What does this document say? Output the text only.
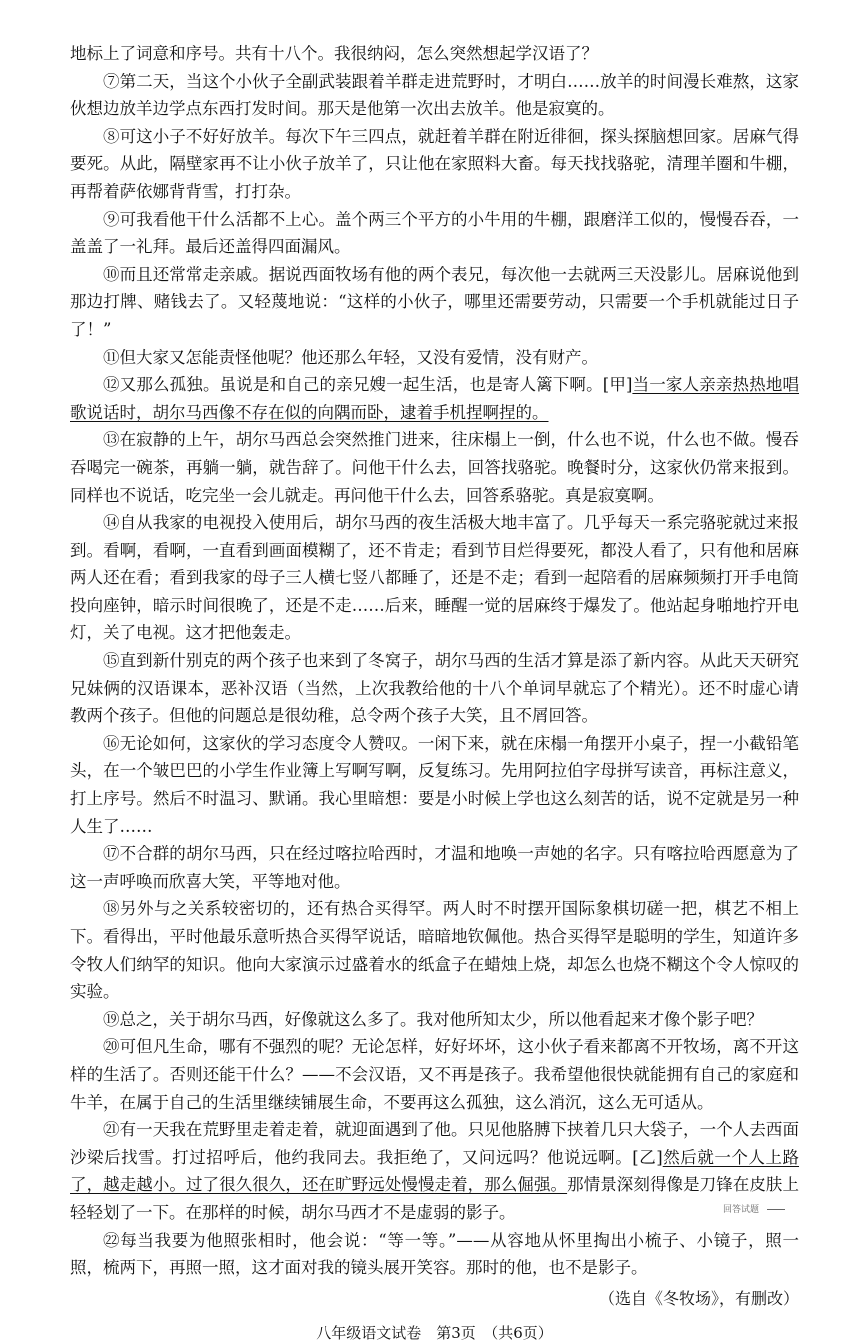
地标上了词意和序号。共有十八个。我很纳闷，怎么突然想起学汉语了？

⑦第二天，当这个小伙子全副武装跟着羊群走进荒野时，才明白……放羊的时间漫长难熬，这家伙想边放羊边学点东西打发时间。那天是他第一次出去放羊。他是寂寞的。

⑧可这小子不好好放羊。每次下午三四点，就赶着羊群在附近徘徊，探头探脑想回家。居麻气得要死。从此，隔壁家再不让小伙子放羊了，只让他在家照料大畜。每天找找骆驼，清理羊圈和牛棚，再帮着萨依娜背背雪，打打杂。

⑨可我看他干什么活都不上心。盖个两三个平方的小牛用的牛棚，跟磨洋工似的，慢慢吞吞，一盖盖了一礼拜。最后还盖得四面漏风。

⑩而且还常常走亲戚。据说西面牧场有他的两个表兄，每次他一去就两三天没影儿。居麻说他到那边打牌、赌钱去了。又轻蔑地说：“这样的小伙子，哪里还需要劳动，只需要一个手机就能过日子了！”

⑪但大家又怎能责怪他呢？他还那么年轻，又没有爱情，没有财产。

⑫又那么孤独。虽说是和自己的亲兄嫂一起生活，也是寄人篱下啊。[甲]当一家人亲亲热热地唱歌说话时，胡尔马西像不存在似的向隅而卧，逮着手机捏啊捏的。

⑬在寂静的上午，胡尔马西总会突然推门进来，往床榻上一倒，什么也不说，什么也不做。慢吞吞喝完一碗茶，再躺一躺，就告辞了。问他干什么去，回答找骆驼。晚餐时分，这家伙仍常来报到。同样也不说话，吃完坐一会儿就走。再问他干什么去，回答系骆驼。真是寂寞啊。

⑭自从我家的电视投入使用后，胡尔马西的夜生活极大地丰富了。几乎每天一系完骆驼就过来报到。看啊，看啊，一直看到画面模糊了，还不肯走；看到节目烂得要死，都没人看了，只有他和居麻两人还在看；看到我家的母子三人横七竖八都睡了，还是不走；看到一起陪看的居麻频频打开手电筒投向座钟，暗示时间很晚了，还是不走……后来，睡醒一觉的居麻终于爆发了。他站起身啪地拧开电灯，关了电视。这才把他轰走。

⑮直到新什别克的两个孩子也来到了冬窝子，胡尔马西的生活才算是添了新内容。从此天天研究兄妹俩的汉语课本，恶补汉语（当然，上次我教给他的十八个单词早就忘了个精光）。还不时虚心请教两个孩子。但他的问题总是很幼稚，总令两个孩子大笑，且不屑回答。

⑯无论如何，这家伙的学习态度令人赞叹。一闲下来，就在床榻一角摆开小桌子，捏一小截铅笔头，在一个皱巴巴的小学生作业簿上写啊写啊，反复练习。先用阿拉伯字母拼写读音，再标注意义，打上序号。然后不时温习、默诵。我心里暗想：要是小时候上学也这么刻苦的话，说不定就是另一种人生了……

⑰不合群的胡尔马西，只在经过喀拉哈西时，才温和地唤一声她的名字。只有喀拉哈西愿意为了这一声呼唤而欣喜大笑，平等地对他。

⑱另外与之关系较密切的，还有热合买得罕。两人时不时摆开国际象棋切磋一把，棋艺不相上下。看得出，平时他最乐意听热合买得罕说话，暗暗地钦佩他。热合买得罕是聪明的学生，知道许多令牧人们纳罕的知识。他向大家演示过盛着水的纸盒子在蜡烛上烧，却怎么也烧不糊这个令人惊叹的实验。

⑲总之，关于胡尔马西，好像就这么多了。我对他所知太少，所以他看起来才像个影子吧？

⑳可但凡生命，哪有不强烈的呢？无论怎样，好好坏坏，这小伙子看来都离不开牧场，离不开这样的生活了。否则还能干什么？——不会汉语，又不再是孩子。我希望他很快就能拥有自己的家庭和牛羊，在属于自己的生活里继续铺展生命，不要再这么孤独，这么消沉，这么无可适从。

㉑有一天我在荒野里走着走着，就迎面遇到了他。只见他胳膊下挟着几只大袋子，一个人去西面沙梁后找雪。打过招呼后，他约我同去。我拒绝了，又问远吗？他说远啊。[乙]然后就一个人上路了，越走越小。过了很久很久，还在旷野远处慢慢走着，那么倔强。那情景深刻得像是刀锋在皮肤上轻轻划了一下。在那样的时候，胡尔马西才不是虚弱的影子。

㉒每当我要为他照张相时，他会说：“等一等。”——从容地从怀里掏出小梳子、小镜子，照一照，梳两下，再照一照，这才面对我的镜头展开笑容。那时的他，也不是影子。

（选自《冬牧场》，有删改）

八年级语文试卷　第3页　（共6页）
回答试题
